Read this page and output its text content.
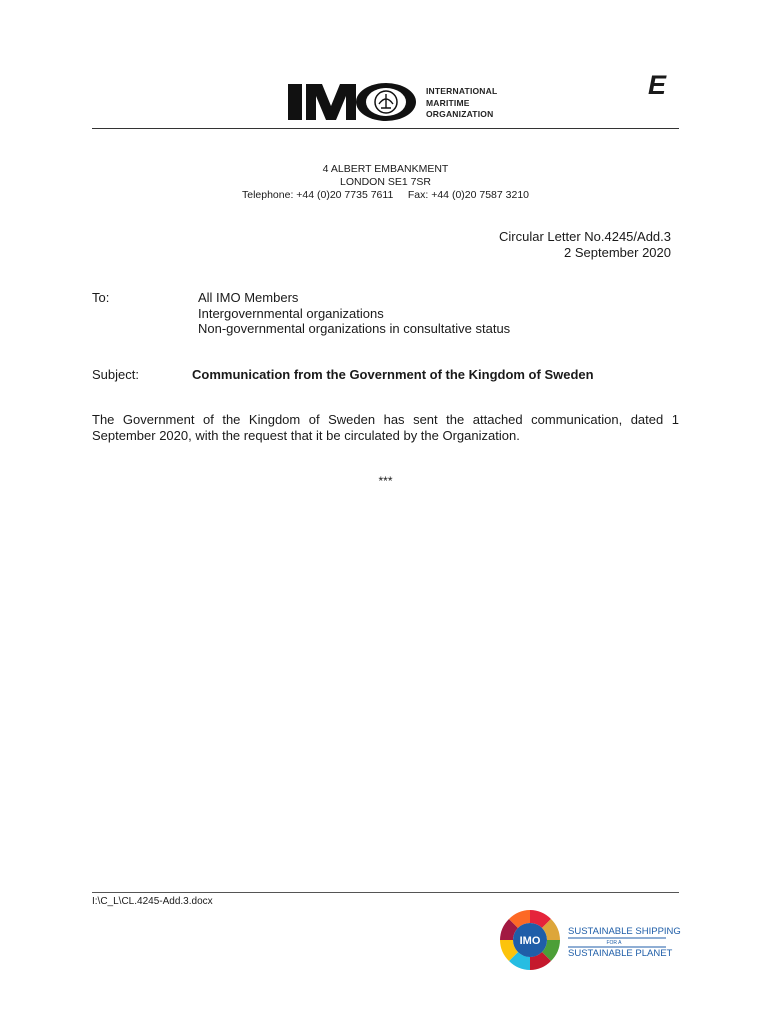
INTERNATIONAL
MARITIME
ORGANIZATION
E
4 ALBERT EMBANKMENT
LONDON SE1 7SR
Telephone: +44 (0)20 7735 7611     Fax: +44 (0)20 7587 3210
Circular Letter No.4245/Add.3
2 September 2020
To:	All IMO Members
Intergovernmental organizations
Non-governmental organizations in consultative status
Subject:	Communication from the Government of the Kingdom of Sweden
The Government of the Kingdom of Sweden has sent the attached communication, dated 1 September 2020, with the request that it be circulated by the Organization.
***
I:\C_L\CL.4245-Add.3.docx
IMO
SUSTAINABLE SHIPPING
FOR A
SUSTAINABLE PLANET
